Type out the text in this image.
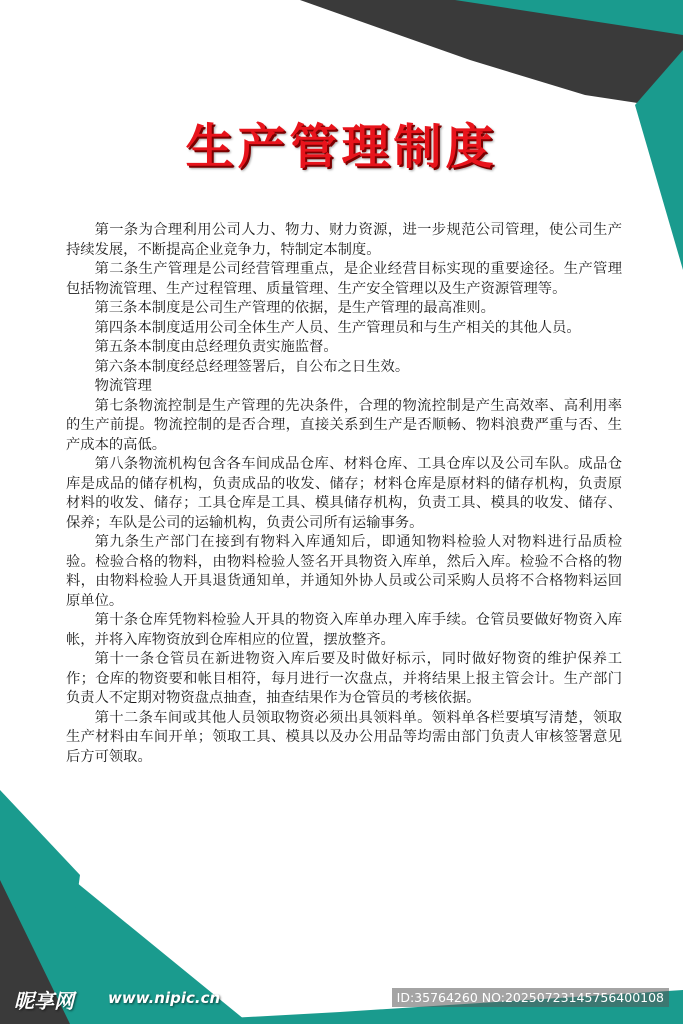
生产管理制度

第一条为合理利用公司人力、物力、财力资源，进一步规范公司管理，使公司生产持续发展，不断提高企业竞争力，特制定本制度。

第二条生产管理是公司经营管理重点，是企业经营目标实现的重要途径。生产管理包括物流管理、生产过程管理、质量管理、生产安全管理以及生产资源管理等。

第三条本制度是公司生产管理的依据，是生产管理的最高准则。

第四条本制度适用公司全体生产人员、生产管理员和与生产相关的其他人员。

第五条本制度由总经理负责实施监督。

第六条本制度经总经理签署后，自公布之日生效。

物流管理

第七条物流控制是生产管理的先决条件，合理的物流控制是产生高效率、高利用率的生产前提。物流控制的是否合理，直接关系到生产是否顺畅、物料浪费严重与否、生产成本的高低。

第八条物流机构包含各车间成品仓库、材料仓库、工具仓库以及公司车队。成品仓库是成品的储存机构，负责成品的收发、储存；材料仓库是原材料的储存机构，负责原材料的收发、储存；工具仓库是工具、模具储存机构，负责工具、模具的收发、储存、保养；车队是公司的运输机构，负责公司所有运输事务。

第九条生产部门在接到有物料入库通知后，即通知物料检验人对物料进行品质检验。检验合格的物料，由物料检验人签名开具物资入库单，然后入库。检验不合格的物料，由物料检验人开具退货通知单，并通知外协人员或公司采购人员将不合格物料运回原单位。

第十条仓库凭物料检验人开具的物资入库单办理入库手续。仓管员要做好物资入库帐，并将入库物资放到仓库相应的位置，摆放整齐。

第十一条仓管员在新进物资入库后要及时做好标示，同时做好物资的维护保养工作；仓库的物资要和帐目相符，每月进行一次盘点，并将结果上报主管会计。生产部门负责人不定期对物资盘点抽查，抽查结果作为仓管员的考核依据。

第十二条车间或其他人员领取物资必须出具领料单。领料单各栏要填写清楚，领取生产材料由车间开单；领取工具、模具以及办公用品等均需由部门负责人审核签署意见后方可领取。

昵享网 www.nipic.cn	ID:35764260 NO:20250723145756400108
